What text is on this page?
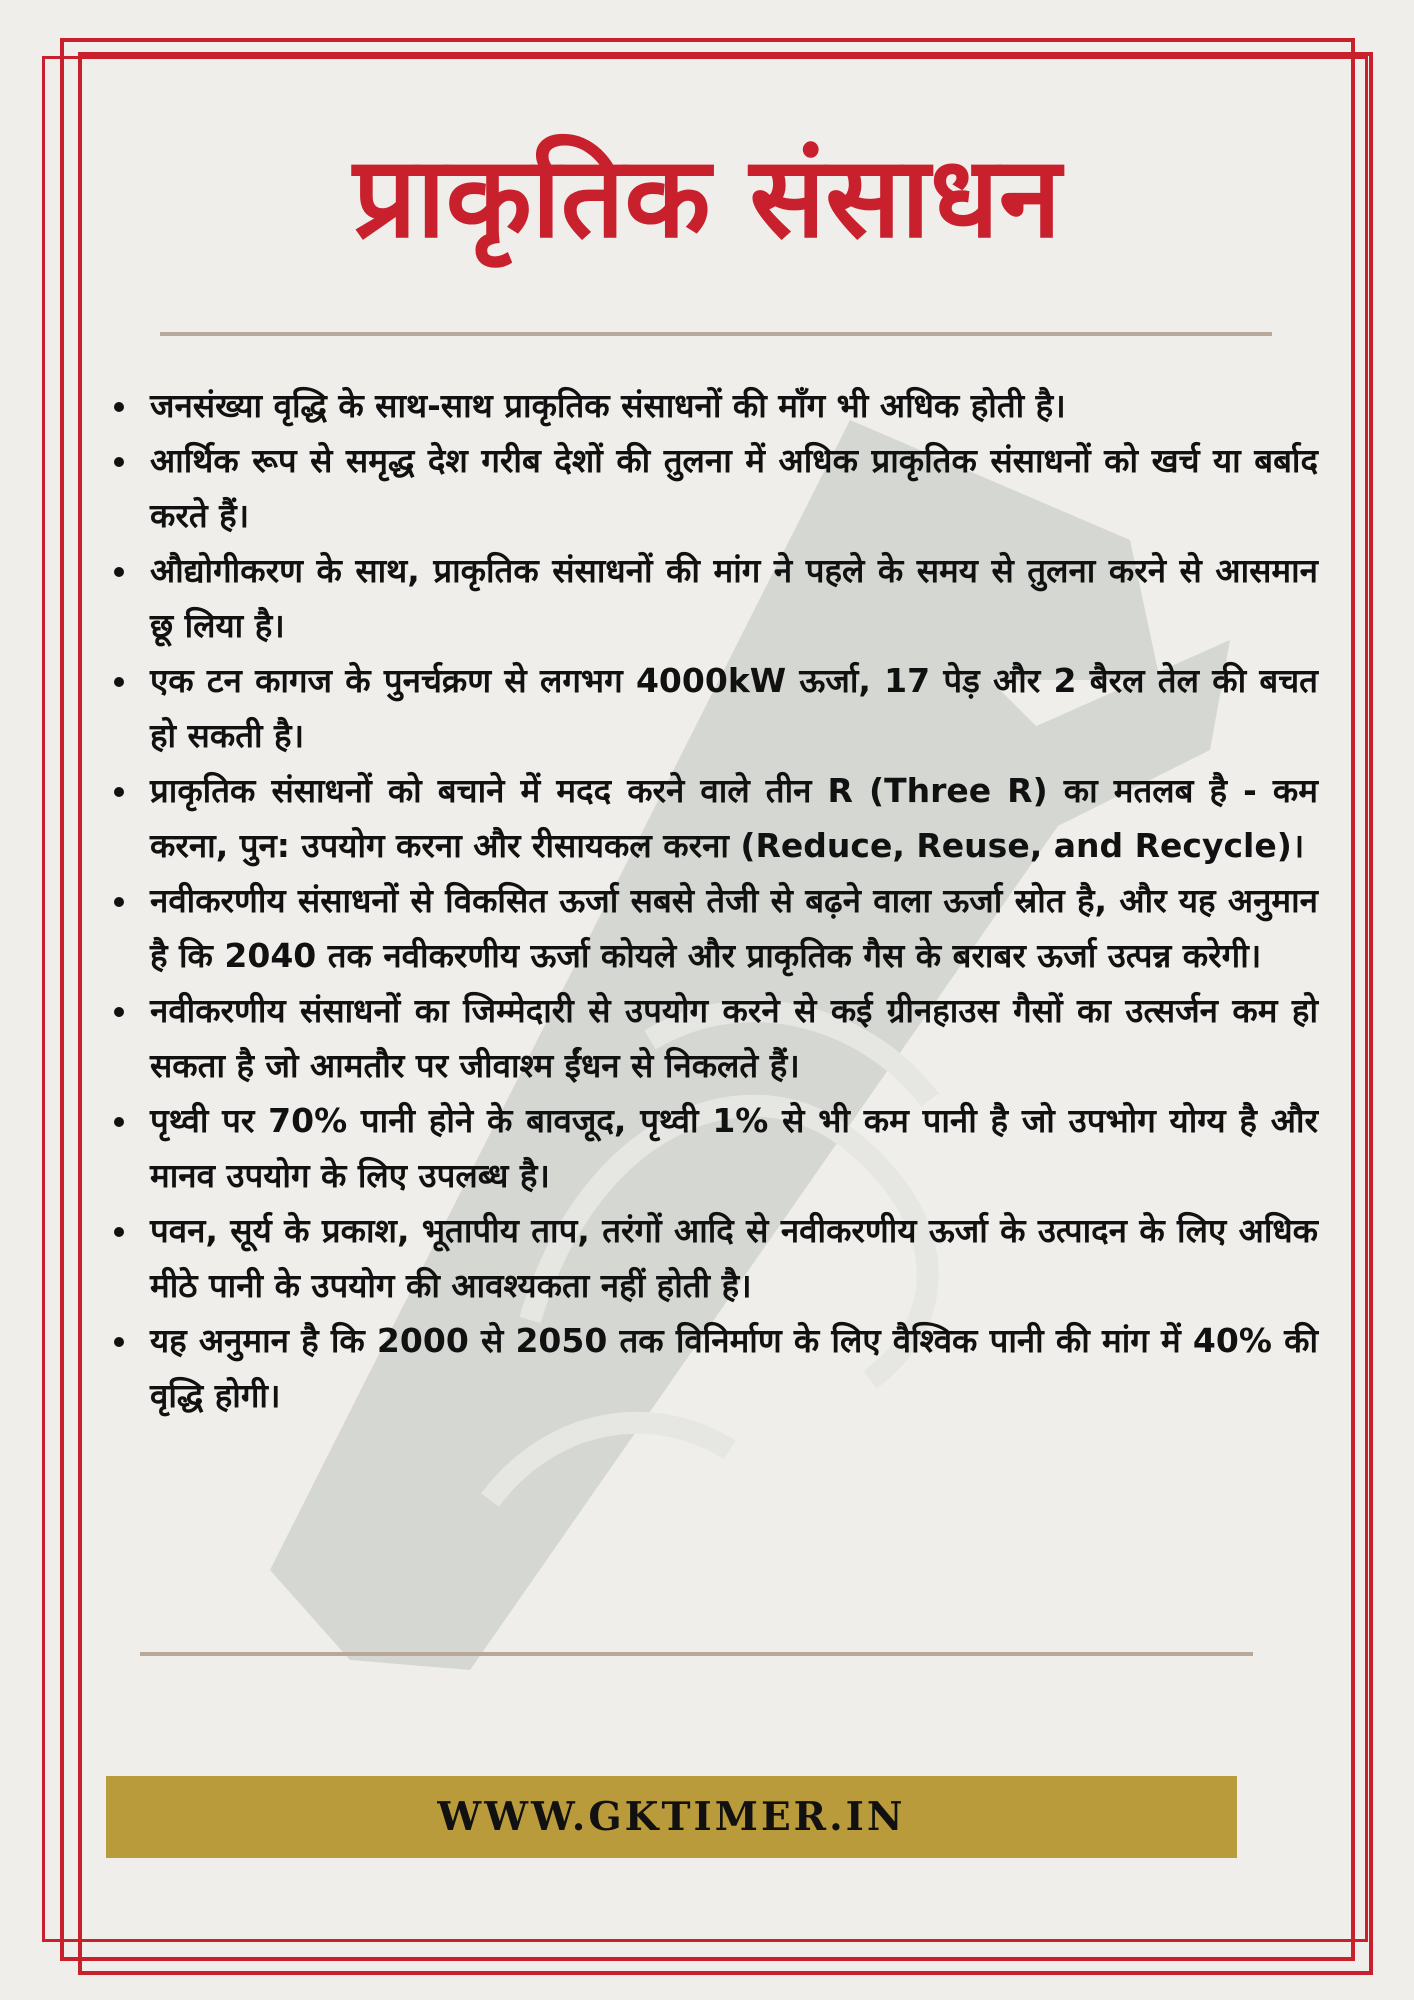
प्राकृतिक संसाधन
जनसंख्या वृद्धि के साथ-साथ प्राकृतिक संसाधनों की माँग भी अधिक होती है।
आर्थिक रूप से समृद्ध देश गरीब देशों की तुलना में अधिक प्राकृतिक संसाधनों को खर्च या बर्बाद करते हैं।
औद्योगीकरण के साथ, प्राकृतिक संसाधनों की मांग ने पहले के समय से तुलना करने से आसमान छू लिया है।
एक टन कागज के पुनर्चक्रण से लगभग 4000kW ऊर्जा, 17 पेड़ और 2 बैरल तेल की बचत हो सकती है।
प्राकृतिक संसाधनों को बचाने में मदद करने वाले तीन R (Three R) का मतलब है - कम करना, पुन: उपयोग करना और रीसायकल करना (Reduce, Reuse, and Recycle)।
नवीकरणीय संसाधनों से विकसित ऊर्जा सबसे तेजी से बढ़ने वाला ऊर्जा स्रोत है, और यह अनुमान है कि 2040 तक नवीकरणीय ऊर्जा कोयले और प्राकृतिक गैस के बराबर ऊर्जा उत्पन्न करेगी।
नवीकरणीय संसाधनों का जिम्मेदारी से उपयोग करने से कई ग्रीनहाउस गैसों का उत्सर्जन कम हो सकता है जो आमतौर पर जीवाश्म ईंधन से निकलते हैं।
पृथ्वी पर 70% पानी होने के बावजूद, पृथ्वी 1% से भी कम पानी है जो उपभोग योग्य है और मानव उपयोग के लिए उपलब्ध है।
पवन, सूर्य के प्रकाश, भूतापीय ताप, तरंगों आदि से नवीकरणीय ऊर्जा के उत्पादन के लिए अधिक मीठे पानी के उपयोग की आवश्यकता नहीं होती है।
यह अनुमान है कि 2000 से 2050 तक विनिर्माण के लिए वैश्विक पानी की मांग में 40% की वृद्धि होगी।
WWW.GKTIMER.IN
